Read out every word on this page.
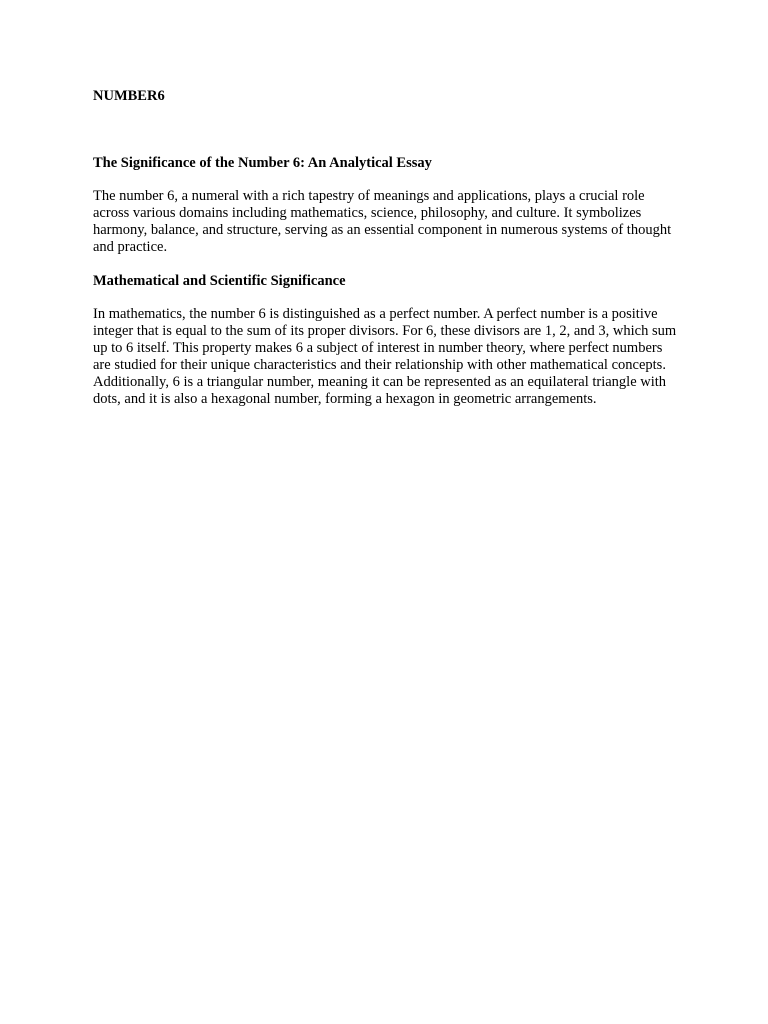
NUMBER6

The Significance of the Number 6: An Analytical Essay

The number 6, a numeral with a rich tapestry of meanings and applications, plays a crucial role across various domains including mathematics, science, philosophy, and culture. It symbolizes harmony, balance, and structure, serving as an essential component in numerous systems of thought and practice.

Mathematical and Scientific Significance

In mathematics, the number 6 is distinguished as a perfect number. A perfect number is a positive integer that is equal to the sum of its proper divisors. For 6, these divisors are 1, 2, and 3, which sum up to 6 itself. This property makes 6 a subject of interest in number theory, where perfect numbers are studied for their unique characteristics and their relationship with other mathematical concepts. Additionally, 6 is a triangular number, meaning it can be represented as an equilateral triangle with dots, and it is also a hexagonal number, forming a hexagon in geometric arrangements.
